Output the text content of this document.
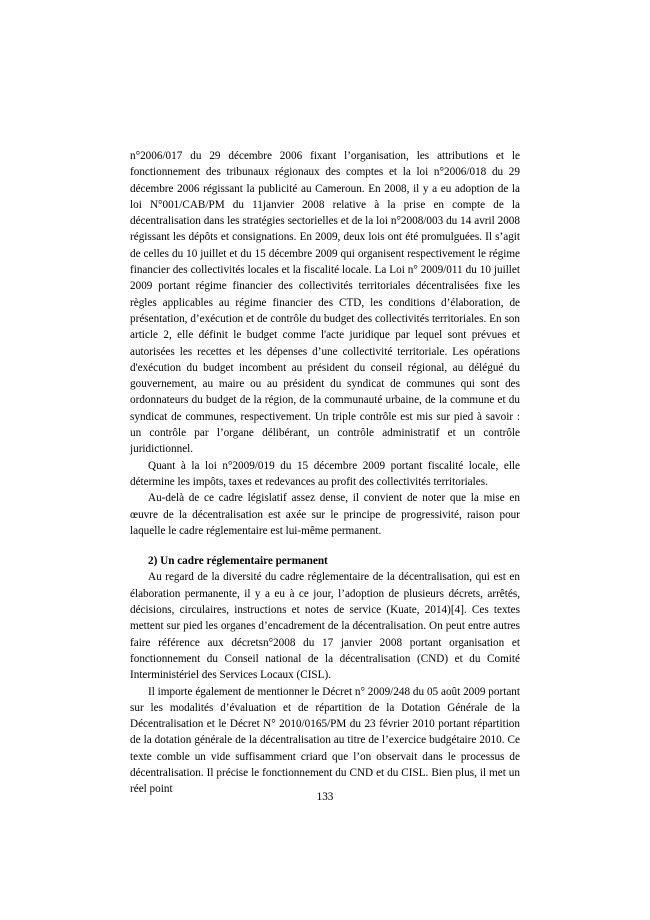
n°2006/017 du 29 décembre 2006 fixant l’organisation, les attributions et le fonctionnement des tribunaux régionaux des comptes et la loi n°2006/018 du 29 décembre 2006 régissant la publicité au Cameroun. En 2008, il y a eu adoption de la loi N°001/CAB/PM du 11janvier 2008 relative à la prise en compte de la décentralisation dans les stratégies sectorielles et de la loi n°2008/003 du 14 avril 2008 régissant les dépôts et consignations. En 2009, deux lois ont été promulguées. Il s’agit de celles du 10 juillet et du 15 décembre 2009 qui organisent respectivement le régime financier des collectivités locales et la fiscalité locale. La Loi n° 2009/011 du 10 juillet 2009 portant régime financier des collectivités territoriales décentralisées fixe les règles applicables au régime financier des CTD, les conditions d’élaboration, de présentation, d’exécution et de contrôle du budget des collectivités territoriales. En son article 2, elle définit le budget comme l'acte juridique par lequel sont prévues et autorisées les recettes et les dépenses d’une collectivité territoriale. Les opérations d'exécution du budget incombent au président du conseil régional, au délégué du gouvernement, au maire ou au président du syndicat de communes qui sont des ordonnateurs du budget de la région, de la communauté urbaine, de la commune et du syndicat de communes, respectivement. Un triple contrôle est mis sur pied à savoir : un contrôle par l’organe délibérant, un contrôle administratif et un contrôle juridictionnel.

Quant à la loi n°2009/019 du 15 décembre 2009 portant fiscalité locale, elle détermine les impôts, taxes et redevances au profit des collectivités territoriales.

Au-delà de ce cadre législatif assez dense, il convient de noter que la mise en œuvre de la décentralisation est axée sur le principe de progressivité, raison pour laquelle le cadre réglementaire est lui-même permanent.

2) Un cadre réglementaire permanent

Au regard de la diversité du cadre réglementaire de la décentralisation, qui est en élaboration permanente, il y a eu à ce jour, l’adoption de plusieurs décrets, arrêtés, décisions, circulaires, instructions et notes de service (Kuate, 2014)[4]. Ces textes mettent sur pied les organes d’encadrement de la décentralisation. On peut entre autres faire référence aux décretsn°2008 du 17 janvier 2008 portant organisation et fonctionnement du Conseil national de la décentralisation (CND) et du Comité Interministériel des Services Locaux (CISL).

Il importe également de mentionner le Décret n° 2009/248 du 05 août 2009 portant sur les modalités d’évaluation et de répartition de la Dotation Générale de la Décentralisation et le Décret N° 2010/0165/PM du 23 février 2010 portant répartition de la dotation générale de la décentralisation au titre de l’exercice budgétaire 2010. Ce texte comble un vide suffisamment criard que l’on observait dans le processus de décentralisation. Il précise le fonctionnement du CND et du CISL. Bien plus, il met un réel point

133
